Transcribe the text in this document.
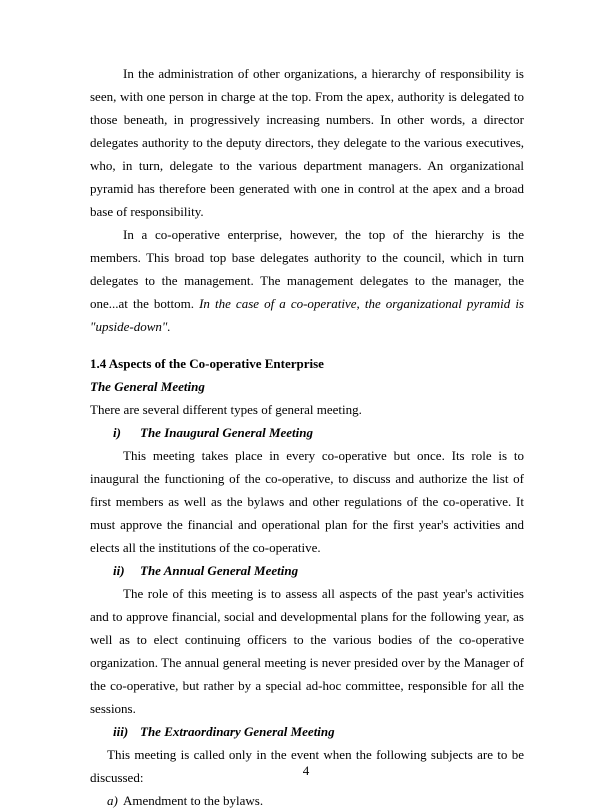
In the administration of other organizations, a hierarchy of responsibility is seen, with one person in charge at the top. From the apex, authority is delegated to those beneath, in progressively increasing numbers. In other words, a director delegates authority to the deputy directors, they delegate to the various executives, who, in turn, delegate to the various department managers. An organizational pyramid has therefore been generated with one in control at the apex and a broad base of responsibility.

In a co-operative enterprise, however, the top of the hierarchy is the members. This broad top base delegates authority to the council, which in turn delegates to the management. The management delegates to the manager, the one...at the bottom. In the case of a co-operative, the organizational pyramid is "upside-down".

1.4 Aspects of the Co-operative Enterprise
The General Meeting

There are several different types of general meeting.

i) The Inaugural General Meeting

This meeting takes place in every co-operative but once. Its role is to inaugural the functioning of the co-operative, to discuss and authorize the list of first members as well as the bylaws and other regulations of the co-operative. It must approve the financial and operational plan for the first year's activities and elects all the institutions of the co-operative.

ii) The Annual General Meeting

The role of this meeting is to assess all aspects of the past year's activities and to approve financial, social and developmental plans for the following year, as well as to elect continuing officers to the various bodies of the co-operative organization. The annual general meeting is never presided over by the Manager of the co-operative, but rather by a special ad-hoc committee, responsible for all the sessions.

iii) The Extraordinary General Meeting

This meeting is called only in the event when the following subjects are to be discussed:

a) Amendment to the bylaws.

4
